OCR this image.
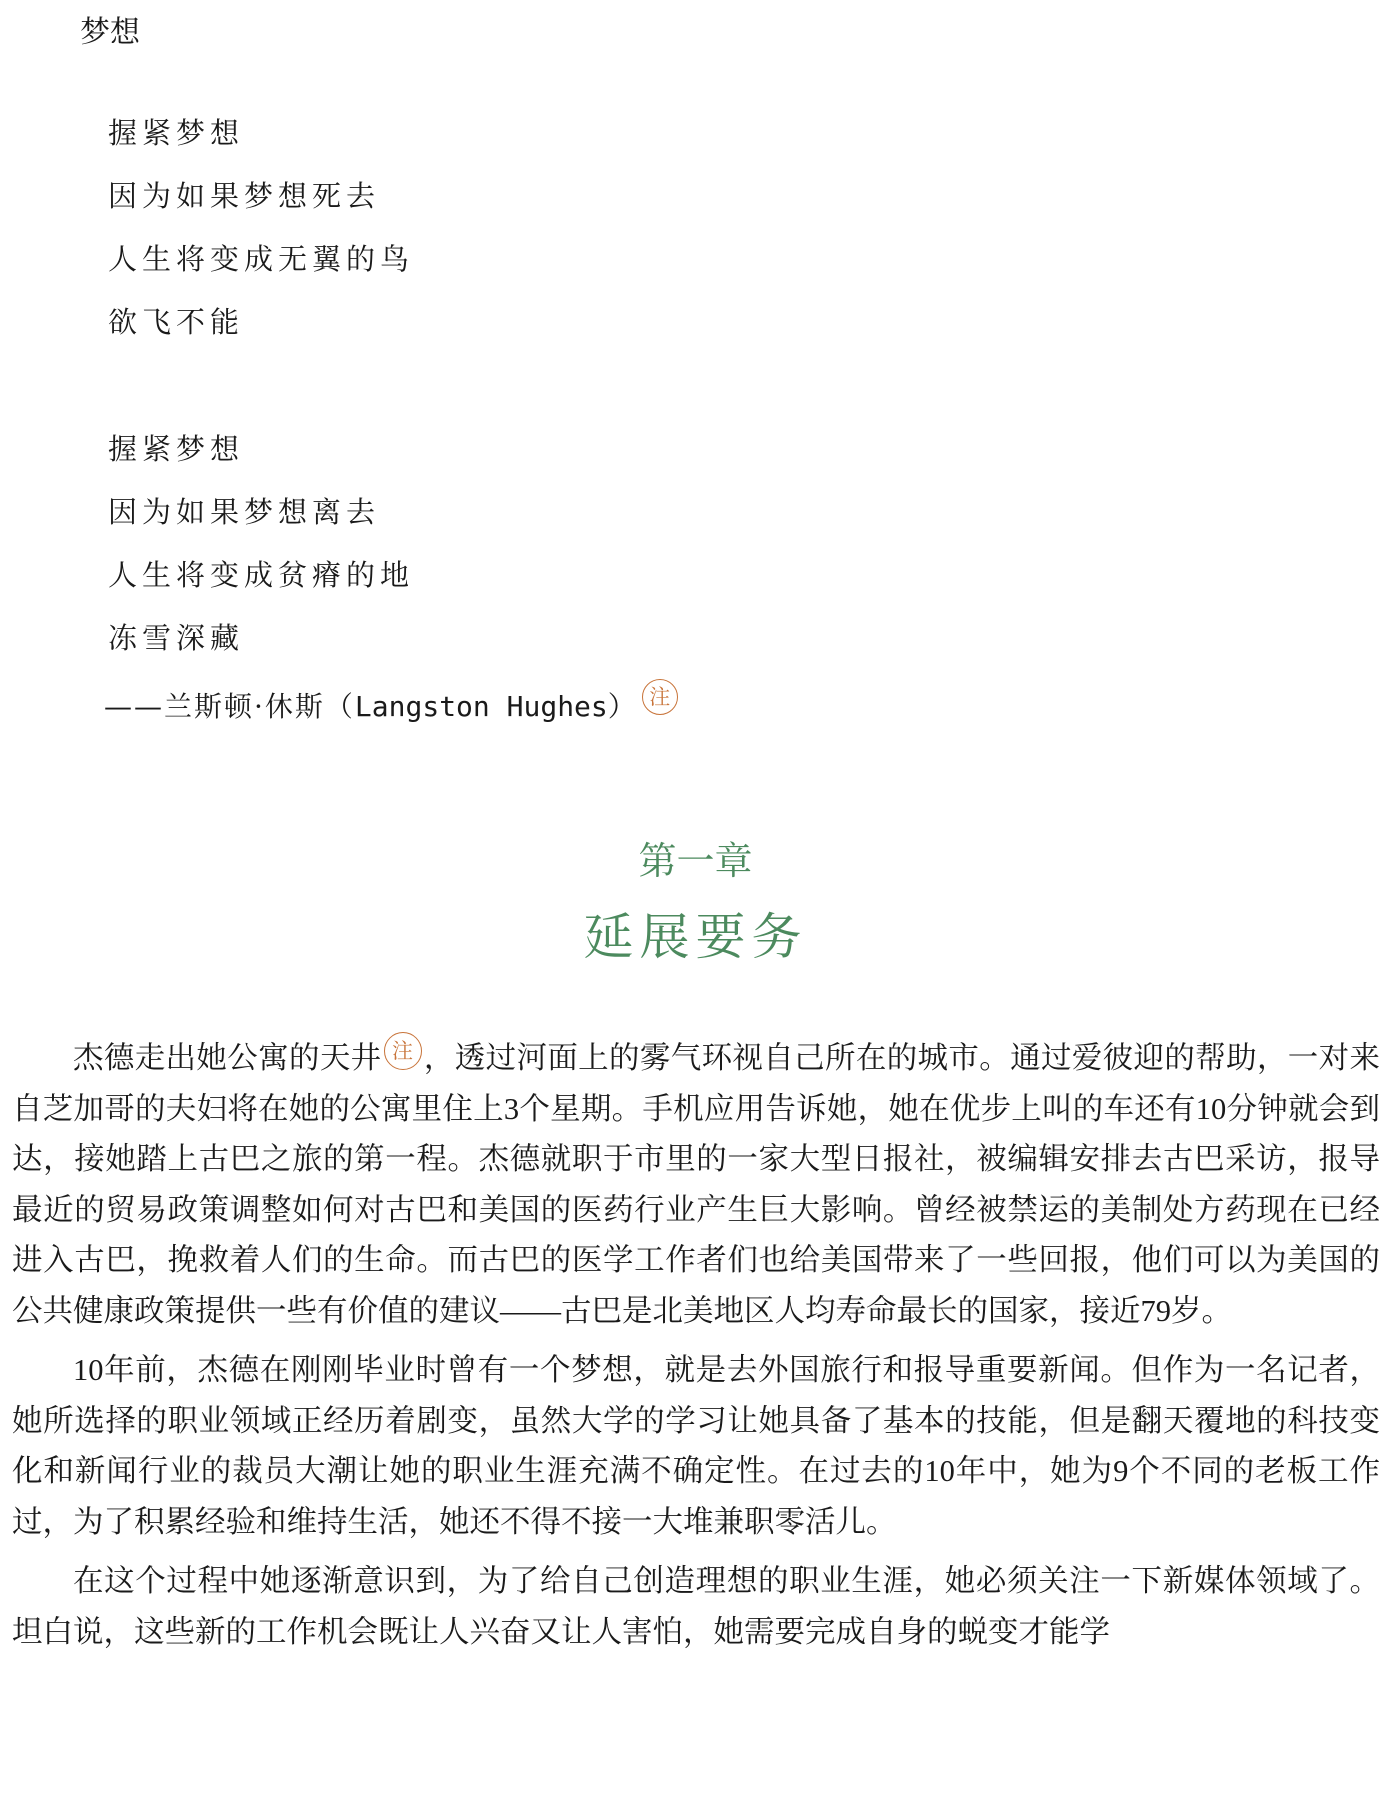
梦想
握紧梦想
因为如果梦想死去
人生将变成无翼的鸟
欲飞不能
握紧梦想
因为如果梦想离去
人生将变成贫瘠的地
冻雪深藏
——兰斯顿·休斯（Langston Hughes） 注
第一章
延展要务

杰德走出她公寓的天井 注 ，透过河面上的雾气环视自己所在的城市。通过爱彼迎的帮助，一对来自芝加哥的夫妇将在她的公寓里住上3个星期。手机应用告诉她，她在优步上叫的车还有10分钟就会到达，接她踏上古巴之旅的第一程。杰德就职于市里的一家大型日报社，被编辑安排去古巴采访，报导最近的贸易政策调整如何对古巴和美国的医药行业产生巨大影响。曾经被禁运的美制处方药现在已经进入古巴，挽救着人们的生命。而古巴的医学工作者们也给美国带来了一些回报，他们可以为美国的公共健康政策提供一些有价值的建议——古巴是北美地区人均寿命最长的国家，接近79岁。

10年前，杰德在刚刚毕业时曾有一个梦想，就是去外国旅行和报导重要新闻。但作为一名记者，她所选择的职业领域正经历着剧变，虽然大学的学习让她具备了基本的技能，但是翻天覆地的科技变化和新闻行业的裁员大潮让她的职业生涯充满不确定性。在过去的10年中，她为9个不同的老板工作过，为了积累经验和维持生活，她还不得不接一大堆兼职零活儿。

在这个过程中她逐渐意识到，为了给自己创造理想的职业生涯，她必须关注一下新媒体领域了。坦白说，这些新的工作机会既让人兴奋又让人害怕，她需要完成自身的蜕变才能学
